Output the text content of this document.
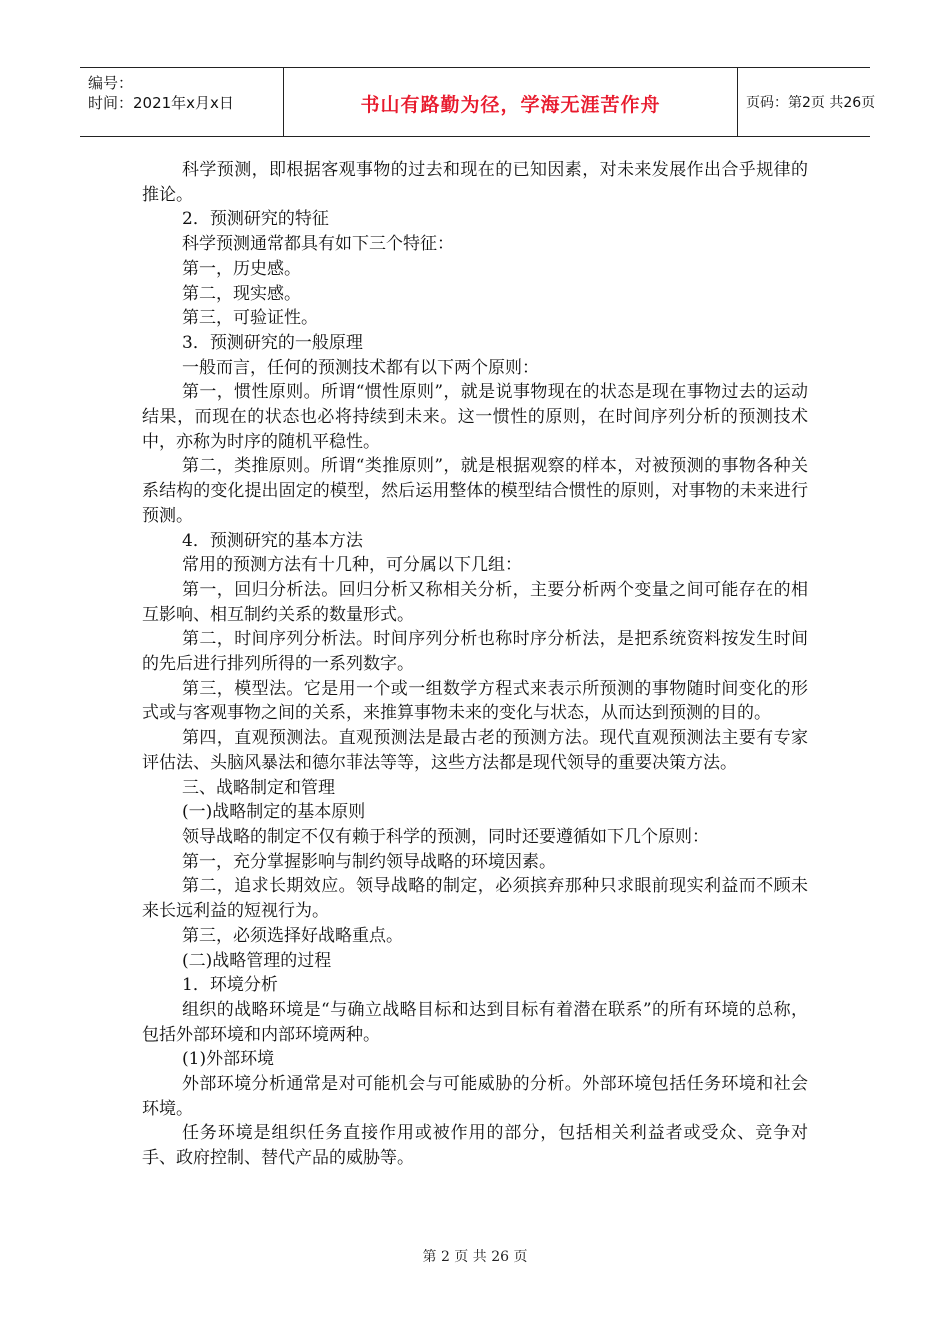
编号：
时间：2021年x月x日	书山有路勤为径，学海无涯苦作舟	页码：第2页 共26页
科学预测，即根据客观事物的过去和现在的已知因素，对未来发展作出合乎规律的推论。
2．预测研究的特征
科学预测通常都具有如下三个特征：
第一，历史感。
第二，现实感。
第三，可验证性。
3．预测研究的一般原理
一般而言，任何的预测技术都有以下两个原则：
第一，惯性原则。所谓“惯性原则”，就是说事物现在的状态是现在事物过去的运动结果，而现在的状态也必将持续到未来。这一惯性的原则，在时间序列分析的预测技术中，亦称为时序的随机平稳性。
第二，类推原则。所谓“类推原则”，就是根据观察的样本，对被预测的事物各种关系结构的变化提出固定的模型，然后运用整体的模型结合惯性的原则，对事物的未来进行预测。
4．预测研究的基本方法
常用的预测方法有十几种，可分属以下几组：
第一，回归分析法。回归分析又称相关分析，主要分析两个变量之间可能存在的相互影响、相互制约关系的数量形式。
第二，时间序列分析法。时间序列分析也称时序分析法，是把系统资料按发生时间的先后进行排列所得的一系列数字。
第三，模型法。它是用一个或一组数学方程式来表示所预测的事物随时间变化的形式或与客观事物之间的关系，来推算事物未来的变化与状态，从而达到预测的目的。
第四，直观预测法。直观预测法是最古老的预测方法。现代直观预测法主要有专家评估法、头脑风暴法和德尔菲法等等，这些方法都是现代领导的重要决策方法。
三、战略制定和管理
(一)战略制定的基本原则
领导战略的制定不仅有赖于科学的预测，同时还要遵循如下几个原则：
第一，充分掌握影响与制约领导战略的环境因素。
第二，追求长期效应。领导战略的制定，必须摈弃那种只求眼前现实利益而不顾未来长远利益的短视行为。
第三，必须选择好战略重点。
(二)战略管理的过程
1．环境分析
组织的战略环境是“与确立战略目标和达到目标有着潜在联系”的所有环境的总称，包括外部环境和内部环境两种。
(1)外部环境
外部环境分析通常是对可能机会与可能威胁的分析。外部环境包括任务环境和社会环境。
任务环境是组织任务直接作用或被作用的部分，包括相关利益者或受众、竞争对手、政府控制、替代产品的威胁等。
第 2 页 共 26 页
